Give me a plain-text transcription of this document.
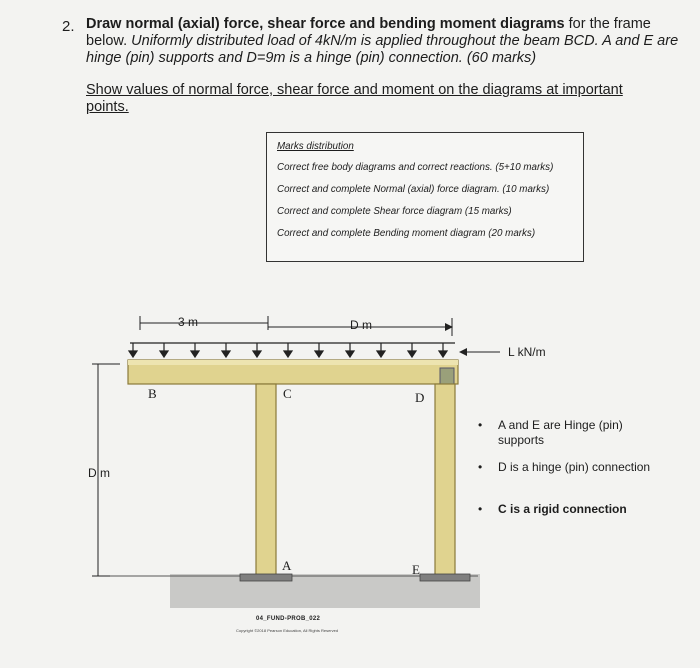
2. Draw normal (axial) force, shear force and bending moment diagrams for the frame below. Uniformly distributed load of 4kN/m is applied throughout the beam BCD. A and E are hinge (pin) supports and D=9m is a hinge (pin) connection. (60 marks)
Show values of normal force, shear force and moment on the diagrams at important points.
Marks distribution
Correct free body diagrams and correct reactions. (5+10 marks)
Correct and complete Normal (axial) force diagram. (10 marks)
Correct and complete Shear force diagram (15 marks)
Correct and complete Bending moment diagram (20 marks)
3 m	D m
L kN/m
D m
B	C	D
A	E
• A and E are Hinge (pin) supports
• D is a hinge (pin) connection
• C is a rigid connection
04_FUND-PROB_022
Copyright ©2018 Pearson Education, All Rights Reserved
